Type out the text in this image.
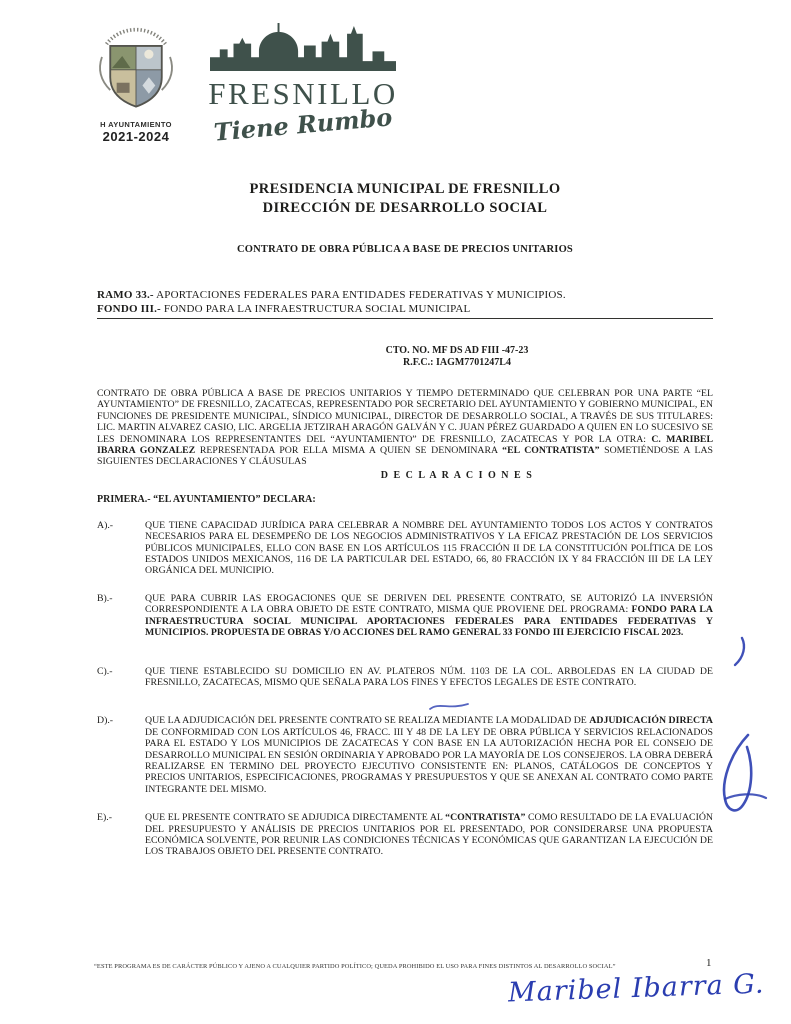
H AYUNTAMIENTO
2021-2024
FRESNILLO
Tiene Rumbo
PRESIDENCIA MUNICIPAL DE FRESNILLO
DIRECCIÓN DE DESARROLLO SOCIAL
CONTRATO DE OBRA PÚBLICA A BASE DE PRECIOS UNITARIOS
RAMO 33.- APORTACIONES FEDERALES PARA ENTIDADES FEDERATIVAS Y MUNICIPIOS.
FONDO III.- FONDO PARA LA INFRAESTRUCTURA SOCIAL MUNICIPAL
CTO. NO. MF DS AD FIII -47-23
R.F.C.: IAGM7701247L4

CONTRATO DE OBRA PÚBLICA A BASE DE PRECIOS UNITARIOS Y TIEMPO DETERMINADO QUE CELEBRAN POR UNA PARTE “EL AYUNTAMIENTO” DE FRESNILLO, ZACATECAS, REPRESENTADO POR SECRETARIO DEL AYUNTAMIENTO Y GOBIERNO MUNICIPAL, EN FUNCIONES DE PRESIDENTE MUNICIPAL, SÍNDICO MUNICIPAL, DIRECTOR DE DESARROLLO SOCIAL, A TRAVÉS DE SUS TITULARES: LIC. MARTIN ALVAREZ CASIO, LIC. ARGELIA JETZIRAH ARAGÓN GALVÁN Y C. JUAN PÉREZ GUARDADO A QUIEN EN LO SUCESIVO SE LES DENOMINARA LOS REPRESENTANTES DEL “AYUNTAMIENTO” DE FRESNILLO, ZACATECAS Y POR LA OTRA: C. MARIBEL IBARRA GONZALEZ REPRESENTADA POR ELLA MISMA A QUIEN SE DENOMINARA “EL CONTRATISTA” SOMETIÉNDOSE A LAS SIGUIENTES DECLARACIONES Y CLÁUSULAS

D E C L A R A C I O N E S
PRIMERA.- “EL AYUNTAMIENTO” DECLARA:
A).-	QUE TIENE CAPACIDAD JURÍDICA PARA CELEBRAR A NOMBRE DEL AYUNTAMIENTO TODOS LOS ACTOS Y CONTRATOS NECESARIOS PARA EL DESEMPEÑO DE LOS NEGOCIOS ADMINISTRATIVOS Y LA EFICAZ PRESTACIÓN DE LOS SERVICIOS PÚBLICOS MUNICIPALES, ELLO CON BASE EN LOS ARTÍCULOS 115 FRACCIÓN II DE LA CONSTITUCIÓN POLÍTICA DE LOS ESTADOS UNIDOS MEXICANOS, 116 DE LA PARTICULAR DEL ESTADO, 66, 80 FRACCIÓN IX Y 84 FRACCIÓN III DE LA LEY ORGÁNICA DEL MUNICIPIO.
B).-	QUE PARA CUBRIR LAS EROGACIONES QUE SE DERIVEN DEL PRESENTE CONTRATO, SE AUTORIZÓ LA INVERSIÓN CORRESPONDIENTE A LA OBRA OBJETO DE ESTE CONTRATO, MISMA QUE PROVIENE DEL PROGRAMA: FONDO PARA LA INFRAESTRUCTURA SOCIAL MUNICIPAL APORTACIONES FEDERALES PARA ENTIDADES FEDERATIVAS Y MUNICIPIOS. PROPUESTA DE OBRAS Y/O ACCIONES DEL RAMO GENERAL 33 FONDO III EJERCICIO FISCAL 2023.
C).-	QUE TIENE ESTABLECIDO SU DOMICILIO EN AV. PLATEROS NÚM. 1103 DE LA COL. ARBOLEDAS EN LA CIUDAD DE FRESNILLO, ZACATECAS, MISMO QUE SEÑALA PARA LOS FINES Y EFECTOS LEGALES DE ESTE CONTRATO.
D).-	QUE LA ADJUDICACIÓN DEL PRESENTE CONTRATO SE REALIZA MEDIANTE LA MODALIDAD DE ADJUDICACIÓN DIRECTA DE CONFORMIDAD CON LOS ARTÍCULOS 46, FRACC. III Y 48 DE LA LEY DE OBRA PÚBLICA Y SERVICIOS RELACIONADOS PARA EL ESTADO Y LOS MUNICIPIOS DE ZACATECAS Y CON BASE EN LA AUTORIZACIÓN HECHA POR EL CONSEJO DE DESARROLLO MUNICIPAL EN SESIÓN ORDINARIA Y APROBADO POR LA MAYORÍA DE LOS CONSEJEROS. LA OBRA DEBERÁ REALIZARSE EN TERMINO DEL PROYECTO EJECUTIVO CONSISTENTE EN: PLANOS, CATÁLOGOS DE CONCEPTOS Y PRECIOS UNITARIOS, ESPECIFICACIONES, PROGRAMAS Y PRESUPUESTOS Y QUE SE ANEXAN AL CONTRATO COMO PARTE INTEGRANTE DEL MISMO.
E).-	QUE EL PRESENTE CONTRATO SE ADJUDICA DIRECTAMENTE AL “CONTRATISTA” COMO RESULTADO DE LA EVALUACIÓN DEL PRESUPUESTO Y ANÁLISIS DE PRECIOS UNITARIOS POR EL PRESENTADO, POR CONSIDERARSE UNA PROPUESTA ECONÓMICA SOLVENTE, POR REUNIR LAS CONDICIONES TÉCNICAS Y ECONÓMICAS QUE GARANTIZAN LA EJECUCIÓN DE LOS TRABAJOS OBJETO DEL PRESENTE CONTRATO.
Maribel Ibarra G.
“ESTE PROGRAMA ES DE CARÁCTER PÚBLICO Y AJENO A CUALQUIER PARTIDO POLÍTICO; QUEDA PROHIBIDO EL USO PARA FINES DISTINTOS AL DESARROLLO SOCIAL”	1
